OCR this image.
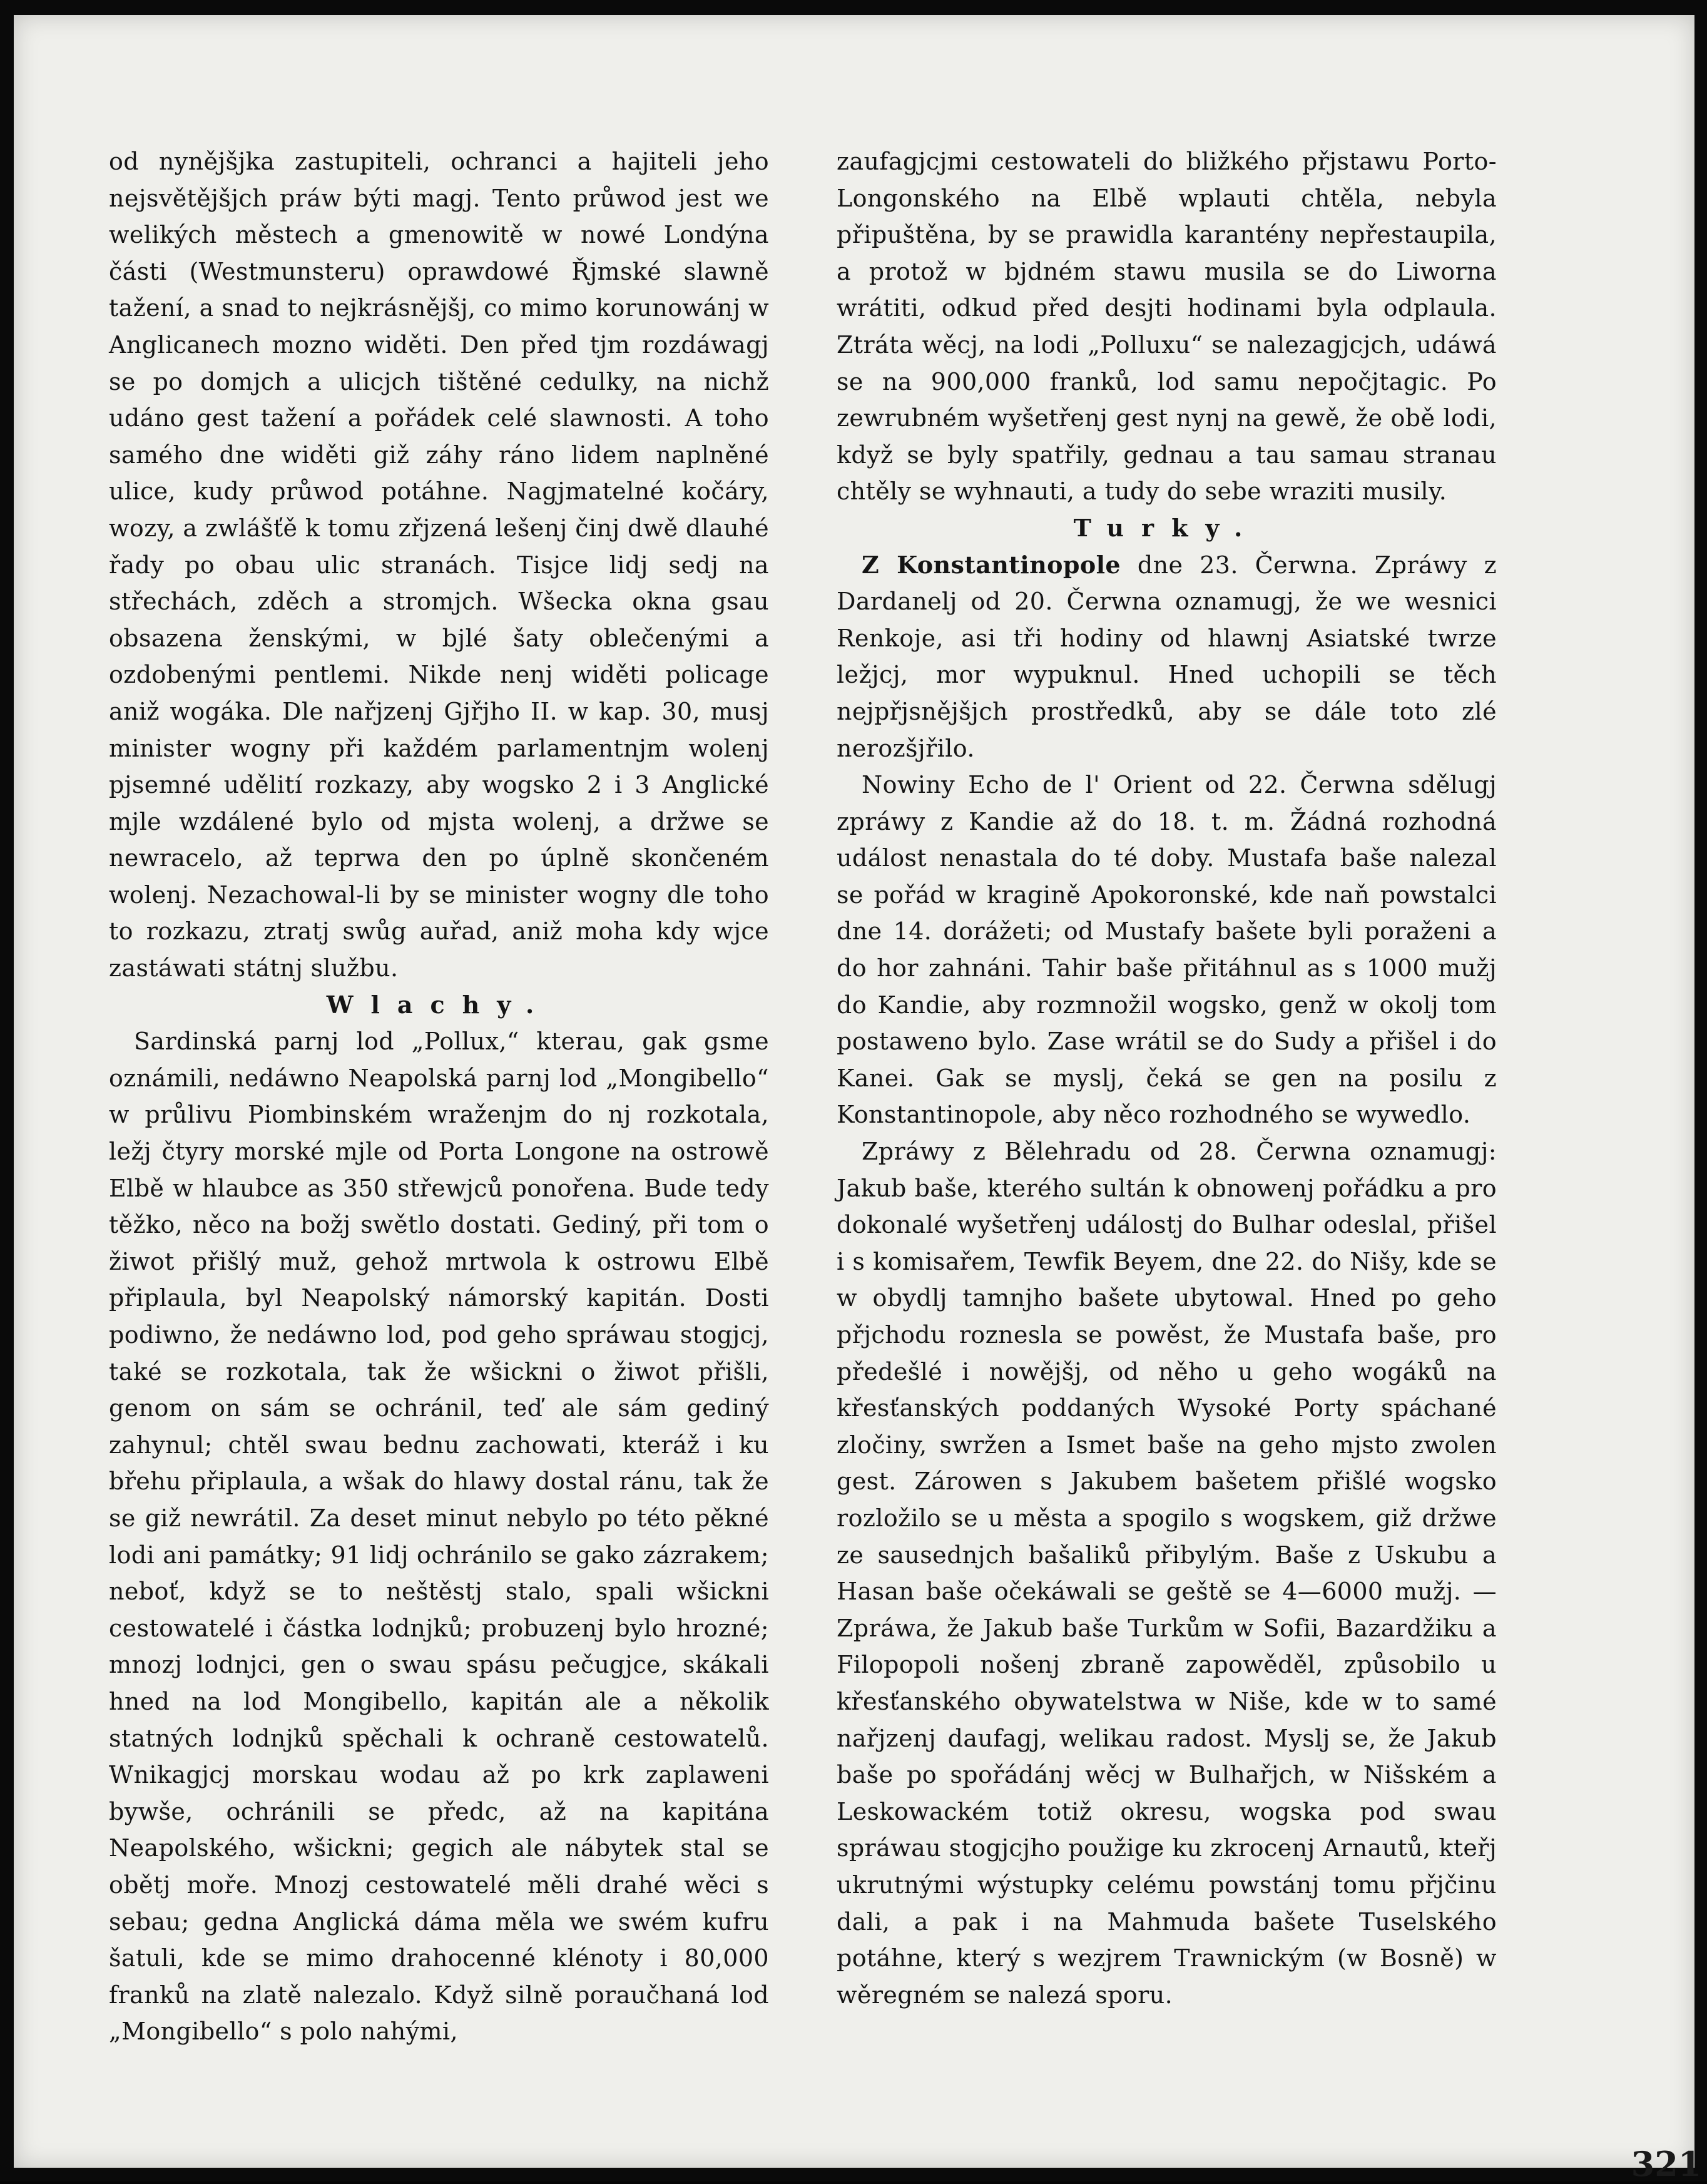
od nynějšjka zastupiteli, ochranci a hajiteli jeho nejsvětějšjch práw býti magj. Tento průwod jest we welikých městech a gmenowitě w nowé Londýna části (Westmunsteru) oprawdowé Řjmské slawně tažení, a snad to nejkrásnějšj, co mimo korunowánj w Anglicanech mozno widěti. Den před tjm rozdáwagj se po domjch a ulicjch tištěné cedulky, na nichž udáno gest tažení a pořádek celé slawnosti. A toho samého dne widěti giž záhy ráno lidem naplněné ulice, kudy průwod potáhne. Nagjmatelné kočáry, wozy, a zwlášťě k tomu zřjzená lešenj činj dwě dlauhé řady po obau ulic stranách. Tisjce lidj sedj na střechách, zděch a stromjch. Wšecka okna gsau obsazena ženskými, w bjlé šaty oblečenými a ozdobenými pentlemi. Nikde nenj widěti policage aniž wogáka. Dle nařjzenj Gjřjho II. w kap. 30, musj minister wogny při každém parlamentnjm wolenj pjsemné udělití rozkazy, aby wogsko 2 i 3 Anglické mjle wzdálené bylo od mjsta wolenj, a držwe se newracelo, až teprwa den po úplně skončeném wolenj. Nezachowal-li by se minister wogny dle toho to rozkazu, ztratj swůg auřad, aniž moha kdy wjce zastáwati státnj službu.

Wlachy.

Sardinská parnj lod „Pollux,“ kterau, gak gsme oznámili, nedáwno Neapolská parnj lod „Mongibello“ w průlivu Piombinském wraženjm do nj rozkotala, ležj čtyry morské mjle od Porta Longone na ostrowě Elbě w hlaubce as 350 střewjců ponořena. Bude tedy těžko, něco na božj swětlo dostati. Gediný, při tom o žiwot přišlý muž, gehož mrtwola k ostrowu Elbě připlaula, byl Neapolský námorský kapitán. Dosti podiwno, že nedáwno lod, pod geho spráwau stogjcj, také se rozkotala, tak že wšickni o žiwot přišli, genom on sám se ochránil, teď ale sám gediný zahynul; chtěl swau bednu zachowati, kteráž i ku břehu připlaula, a wšak do hlawy dostal ránu, tak že se giž newrátil. Za deset minut nebylo po této pěkné lodi ani památky; 91 lidj ochránilo se gako zázrakem; neboť, když se to neštěstj stalo, spali wšickni cestowatelé i částka lodnjků; probuzenj bylo hrozné; mnozj lodnjci, gen o swau spásu pečugjce, skákali hned na lod Mongibello, kapitán ale a několik statných lodnjků spěchali k ochraně cestowatelů. Wnikagjcj morskau wodau až po krk zaplaweni bywše, ochránili se předc, až na kapitána Neapolského, wšickni; gegich ale nábytek stal se obětj moře. Mnozj cestowatelé měli drahé wěci s sebau; gedna Anglická dáma měla we swém kufru šatuli, kde se mimo drahocenné klénoty i 80,000 franků na zlatě nalezalo. Když silně poraučhaná lod „Mongibello“ s polo nahými,

zaufagjcjmi cestowateli do bližkého přjstawu Porto-Longonského na Elbě wplauti chtěla, nebyla připuštěna, by se prawidla karantény nepřestaupila, a protož w bjdném stawu musila se do Liworna wrátiti, odkud před desjti hodinami byla odplaula. Ztráta wěcj, na lodi „Polluxu“ se nalezagjcjch, udáwá se na 900,000 franků, lod samu nepočjtagic. Po zewrubném wyšetřenj gest nynj na gewě, že obě lodi, když se byly spatřily, gednau a tau samau stranau chtěly se wyhnauti, a tudy do sebe wraziti musily.

Turky.

Z Konstantinopole dne 23. Čerwna. Zpráwy z Dardanelj od 20. Čerwna oznamugj, že we wesnici Renkoje, asi tři hodiny od hlawnj Asiatské twrze ležjcj, mor wypuknul. Hned uchopili se těch nejpřjsnějšjch prostředků, aby se dále toto zlé nerozšjřilo.

Nowiny Echo de l' Orient od 22. Čerwna sdělugj zpráwy z Kandie až do 18. t. m. Žádná rozhodná událost nenastala do té doby. Mustafa baše nalezal se pořád w kragině Apokoronské, kde naň powstalci dne 14. dorážeti; od Mustafy bašete byli poraženi a do hor zahnáni. Tahir baše přitáhnul as s 1000 mužj do Kandie, aby rozmnožil wogsko, genž w okolj tom postaweno bylo. Zase wrátil se do Sudy a přišel i do Kanei. Gak se myslj, čeká se gen na posilu z Konstantinopole, aby něco rozhodného se wywedlo.

Zpráwy z Bělehradu od 28. Čerwna oznamugj: Jakub baše, kterého sultán k obnowenj pořádku a pro dokonalé wyšetřenj událostj do Bulhar odeslal, přišel i s komisařem, Tewfik Beyem, dne 22. do Nišy, kde se w obydlj tamnjho bašete ubytowal. Hned po geho přjchodu roznesla se powěst, že Mustafa baše, pro předešlé i nowějšj, od něho u geho wogáků na křesťanských poddaných Wysoké Porty spáchané zločiny, swržen a Ismet baše na geho mjsto zwolen gest. Zárowen s Jakubem bašetem přišlé wogsko rozložilo se u města a spogilo s wogskem, giž držwe ze sausednjch bašaliků přibylým. Baše z Uskubu a Hasan baše očekáwali se geště se 4—6000 mužj. — Zpráwa, že Jakub baše Turkům w Sofii, Bazardžiku a Filopopoli nošenj zbraně zapowěděl, způsobilo u křesťanského obywatelstwa w Niše, kde w to samé nařjzenj daufagj, welikau radost. Myslj se, že Jakub baše po spořádánj wěcj w Bulhařjch, w Nišském a Leskowackém totiž okresu, wogska pod swau spráwau stogjcjho použige ku zkrocenj Arnautů, kteřj ukrutnými wýstupky celému powstánj tomu přjčinu dali, a pak i na Mahmuda bašete Tuselského potáhne, který s wezjrem Trawnickým (w Bosně) w wěregném se nalezá sporu.

321
